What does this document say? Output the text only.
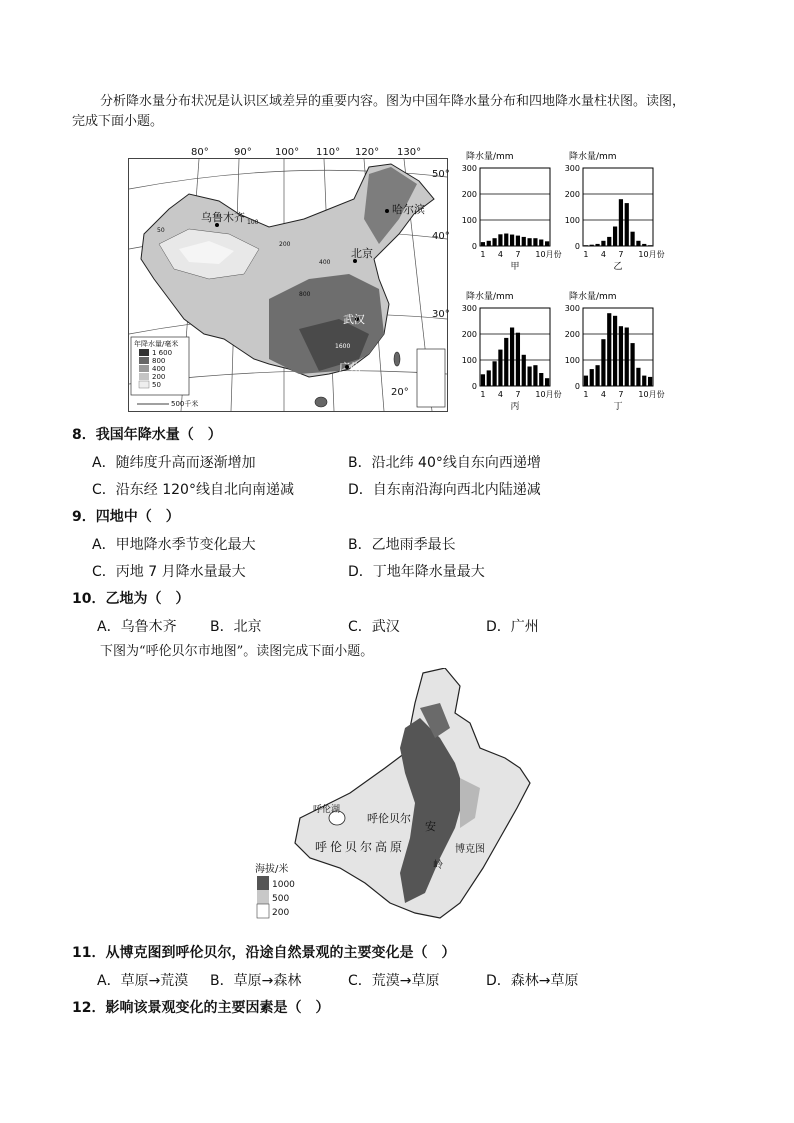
分析降水量分布状况是认识区域差异的重要内容。图为中国年降水量分布和四地降水量柱状图。读图，
完成下面小题。
80°	90° 100° 110° 120° 130°
50°
40°
30°
20°
乌鲁木齐
哈尔滨
北京
武汉
广州
50
100
200
400
800
1600
年降水量/毫米
1 600
800
400
200
50
500千米
0
100
200
300
1 4 7 10月份
降水量/mm
甲
0
100
200
300
1 4 7 10月份
降水量/mm
乙
0
100
200
300
1 4 7 10月份
降水量/mm
丙
0
100
200
300
1 4 7 10月份
降水量/mm
丁
8．我国年降水量（　）
A．随纬度升高而逐渐增加	B．沿北纬 40°线自东向西递增
C．沿东经 120°线自北向南递减	D．自东南沿海向西北内陆递减
9．四地中（　）
A．甲地降水季节变化最大	B．乙地雨季最长
C．丙地 7 月降水量最大	D．丁地年降水量最大
10．乙地为（　）
A．乌鲁木齐 B．北京	C．武汉	D．广州
下图为“呼伦贝尔市地图”。读图完成下面小题。
呼伦湖
呼伦贝尔
安
呼伦贝尔高原
岭
博克图
海拔/米
1000
500
200
11．从博克图到呼伦贝尔，沿途自然景观的主要变化是（　）
A．草原→荒漠 B．草原→森林	C．荒漠→草原	D．森林→草原
12．影响该景观变化的主要因素是（　）
